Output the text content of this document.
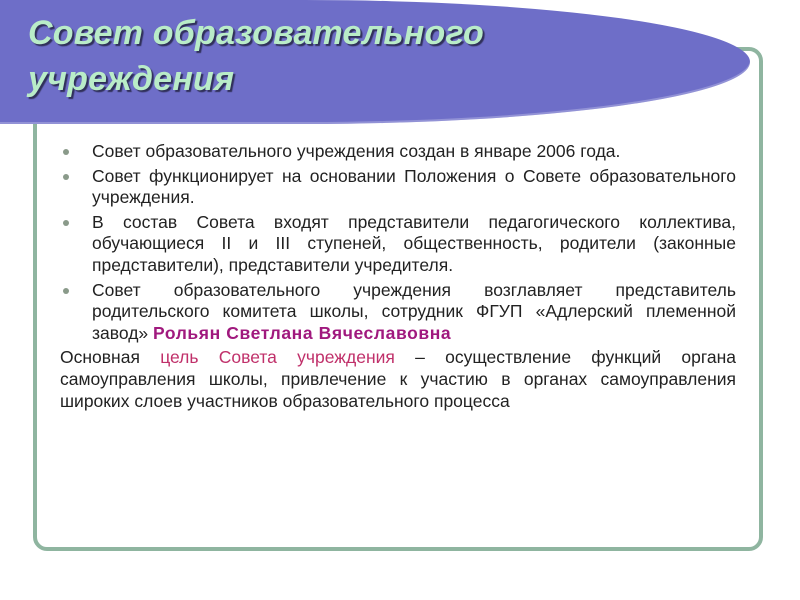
Совет образовательного учреждения
Совет образовательного учреждения создан в январе 2006 года.
Совет функционирует на основании Положения о Совете образовательного учреждения.
В состав Совета входят представители педагогического коллектива, обучающиеся II и III ступеней, общественность, родители (законные представители), представители учредителя.
Совет образовательного учреждения возглавляет представитель родительского комитета школы, сотрудник ФГУП «Адлерский племенной завод» Рольян Светлана Вячеславовна
Основная цель Совета учреждения – осуществление функций органа самоуправления школы, привлечение к участию в органах самоуправления широких слоев участников образовательного процесса
